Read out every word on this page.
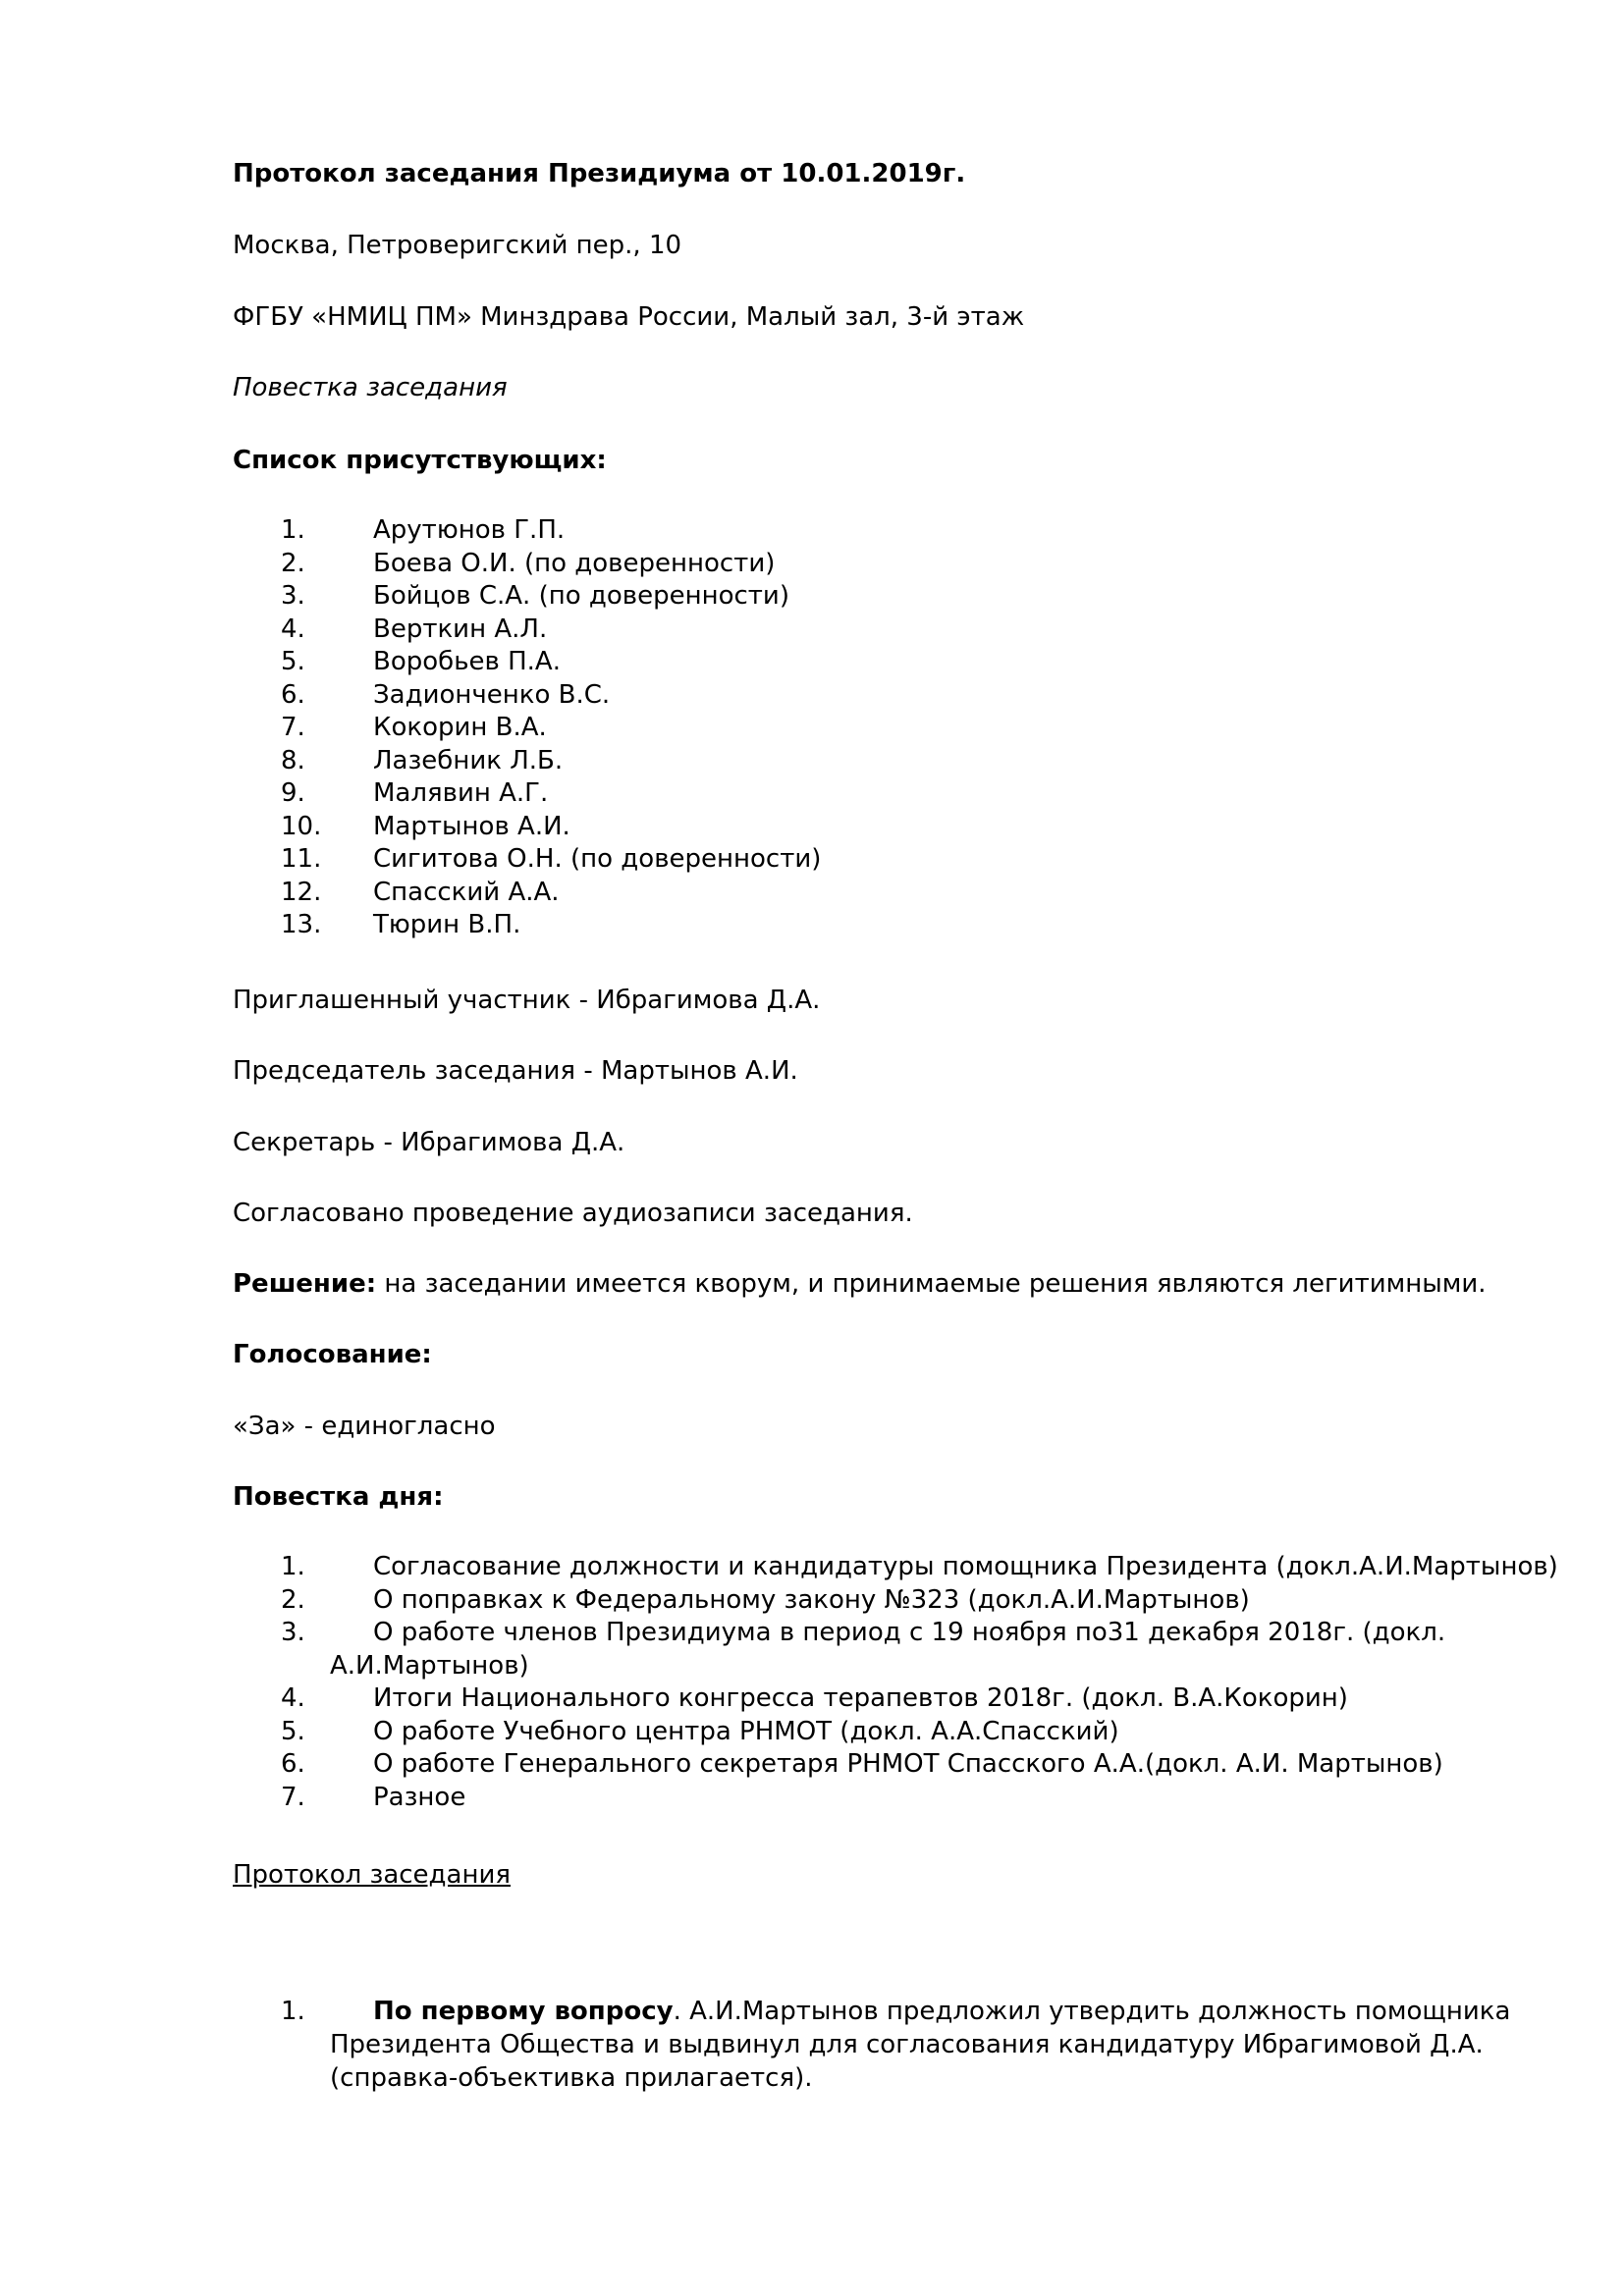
Протокол заседания Президиума от 10.01.2019г.
Москва, Петроверигский пер., 10
ФГБУ «НМИЦ ПМ» Минздрава России, Малый зал, 3-й этаж
Повестка заседания
Список присутствующих:
1.	Арутюнов Г.П.
2.	Боева О.И. (по доверенности)
3.	Бойцов С.А. (по доверенности)
4.	Верткин А.Л.
5.	Воробьев П.А.
6.	Задионченко В.С.
7.	Кокорин В.А.
8.	Лазебник Л.Б.
9.	Малявин А.Г.
10. Мартынов А.И.
11. Сигитова О.Н. (по доверенности)
12. Спасский А.А.
13. Тюрин В.П.
Приглашенный участник - Ибрагимова Д.А.
Председатель заседания - Мартынов А.И.
Секретарь - Ибрагимова Д.А.
Согласовано проведение аудиозаписи заседания.
Решение: на заседании имеется кворум, и принимаемые решения являются легитимными.
Голосование:
«За» - единогласно
Повестка дня:
1.	Согласование должности и кандидатуры помощника Президента (докл.А.И.Мартынов)
2.	О поправках к Федеральному закону №323 (докл.А.И.Мартынов)
3.	О работе членов Президиума в период с 19 ноября по31 декабря 2018г. (докл.
А.И.Мартынов)
4.	Итоги Национального конгресса терапевтов 2018г. (докл. В.А.Кокорин)
5.	О работе Учебного центра РНМОТ (докл. А.А.Спасский)
6.	О работе Генерального секретаря РНМОТ Спасского А.А.(докл. А.И. Мартынов)
7.	Разное
Протокол заседания
1.	По первому вопросу. А.И.Мартынов предложил утвердить должность помощника
Президента Общества и выдвинул для согласования кандидатуру Ибрагимовой Д.А.
(справка-объективка прилагается).
